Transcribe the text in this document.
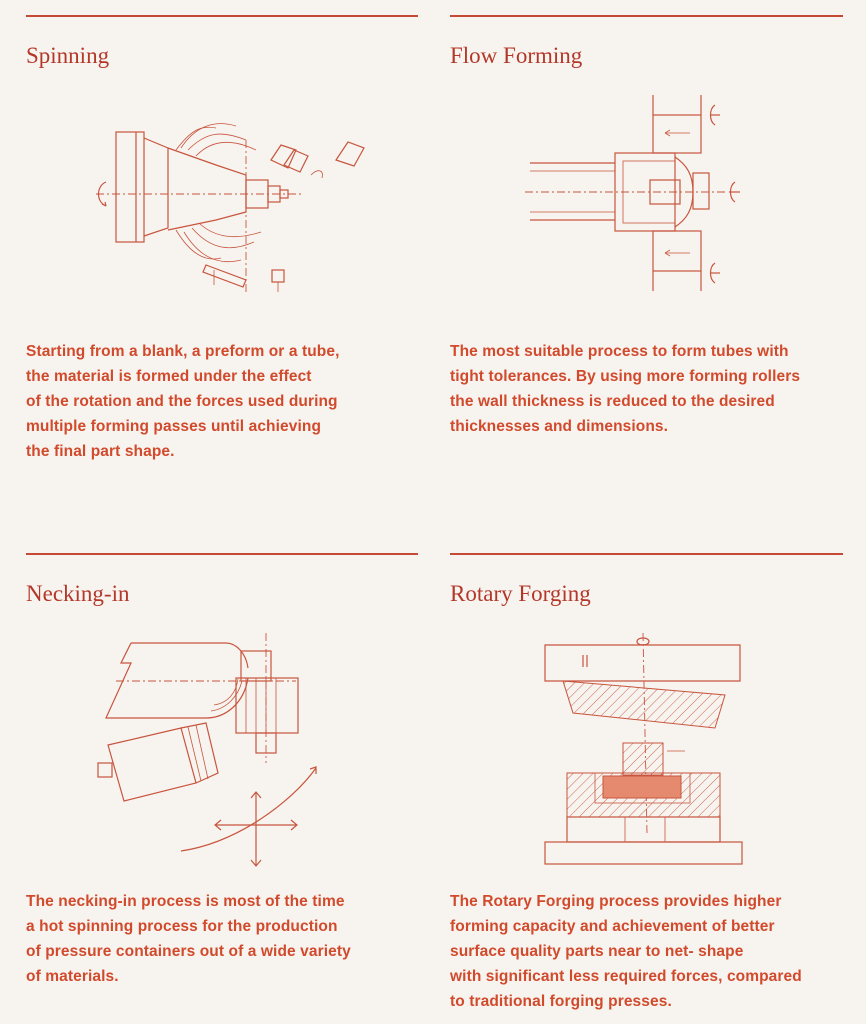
Spinning
Starting from a blank, a preform or a tube,
the material is formed under the effect
of the rotation and the forces used during
multiple forming passes until achieving
the final part shape.
Flow Forming
The most suitable process to form tubes with
tight tolerances. By using more forming rollers
the wall thickness is reduced to the desired
thicknesses and dimensions.
Necking-in
The necking-in process is most of the time
a hot spinning process for the production
of pressure containers out of a wide variety
of materials.
Rotary Forging
The Rotary Forging process provides higher
forming capacity and achievement of better
surface quality parts near to net- shape
with significant less required forces, compared
to traditional forging presses.
